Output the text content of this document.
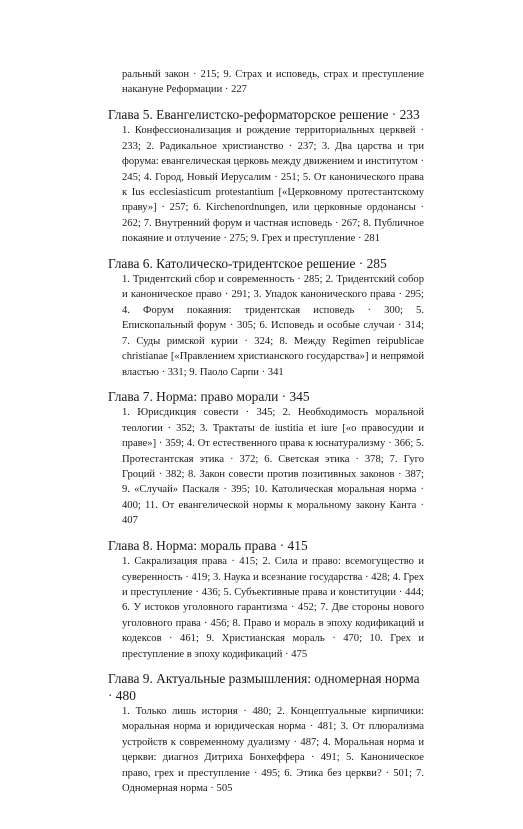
ральный закон · 215; 9. Страх и исповедь, страх и преступление накануне Реформации · 227

Глава 5. Евангелистско-реформаторское решение · 233

1. Конфессионализация и рождение территориальных церквей · 233; 2. Радикальное христианство · 237; 3. Два царства и три форума: евангелическая церковь между движением и институтом · 245; 4. Город, Новый Иерусалим · 251; 5. От канонического права к Ius ecclesiasticum protestantium [«Церковному протестантскому праву»] · 257; 6. Kirchenordnungen, или церковные ордонансы · 262; 7. Внутренний форум и частная исповедь · 267; 8. Публичное покаяние и отлучение · 275; 9. Грех и преступление · 281

Глава 6. Католическо-тридентское решение · 285

1. Тридентский сбор и современность · 285; 2. Тридентский собор и каноническое право · 291; 3. Упадок канонического права · 295; 4. Форум покаяния: тридентская исповедь · 300; 5. Епископальный форум · 305; 6. Исповедь и особые случаи · 314; 7. Суды римской курии · 324; 8. Между Regimen reipublicae christianae [«Правлением христианского государства»] и непрямой властью · 331; 9. Паоло Сарпи · 341

Глава 7. Норма: право морали · 345

1. Юрисдикция совести · 345; 2. Необходимость моральной теологии · 352; 3. Трактаты de iustitia et iure [«о правосудии и праве»] · 359; 4. От естественного права к юснатурализму · 366; 5. Протестантская этика · 372; 6. Светская этика · 378; 7. Гуго Гроций · 382; 8. Закон совести против позитивных законов · 387; 9. «Случай» Паскаля · 395; 10. Католическая моральная норма · 400; 11. От евангелической нормы к моральному закону Канта · 407

Глава 8. Норма: мораль права · 415

1. Сакрализация права · 415; 2. Сила и право: всемогущество и суверенность · 419; 3. Наука и всезнание государства · 428; 4. Грех и преступление · 436; 5. Субъективные права и конституции · 444; 6. У истоков уголовного гарантизма · 452; 7. Две стороны нового уголовного права · 456; 8. Право и мораль в эпоху кодификаций и кодексов · 461; 9. Христианская мораль · 470; 10. Грех и преступление в эпоху кодификаций · 475

Глава 9. Актуальные размышления: одномерная норма · 480

1. Только лишь история · 480; 2. Концептуальные кирпичики: моральная норма и юридическая норма · 481; 3. От плюрализма устройств к современному дуализму · 487; 4. Моральная норма и церкви: диагноз Дитриха Бонхеффера · 491; 5. Каноническое право, грех и преступление · 495; 6. Этика без церкви? · 501; 7. Одномерная норма · 505
